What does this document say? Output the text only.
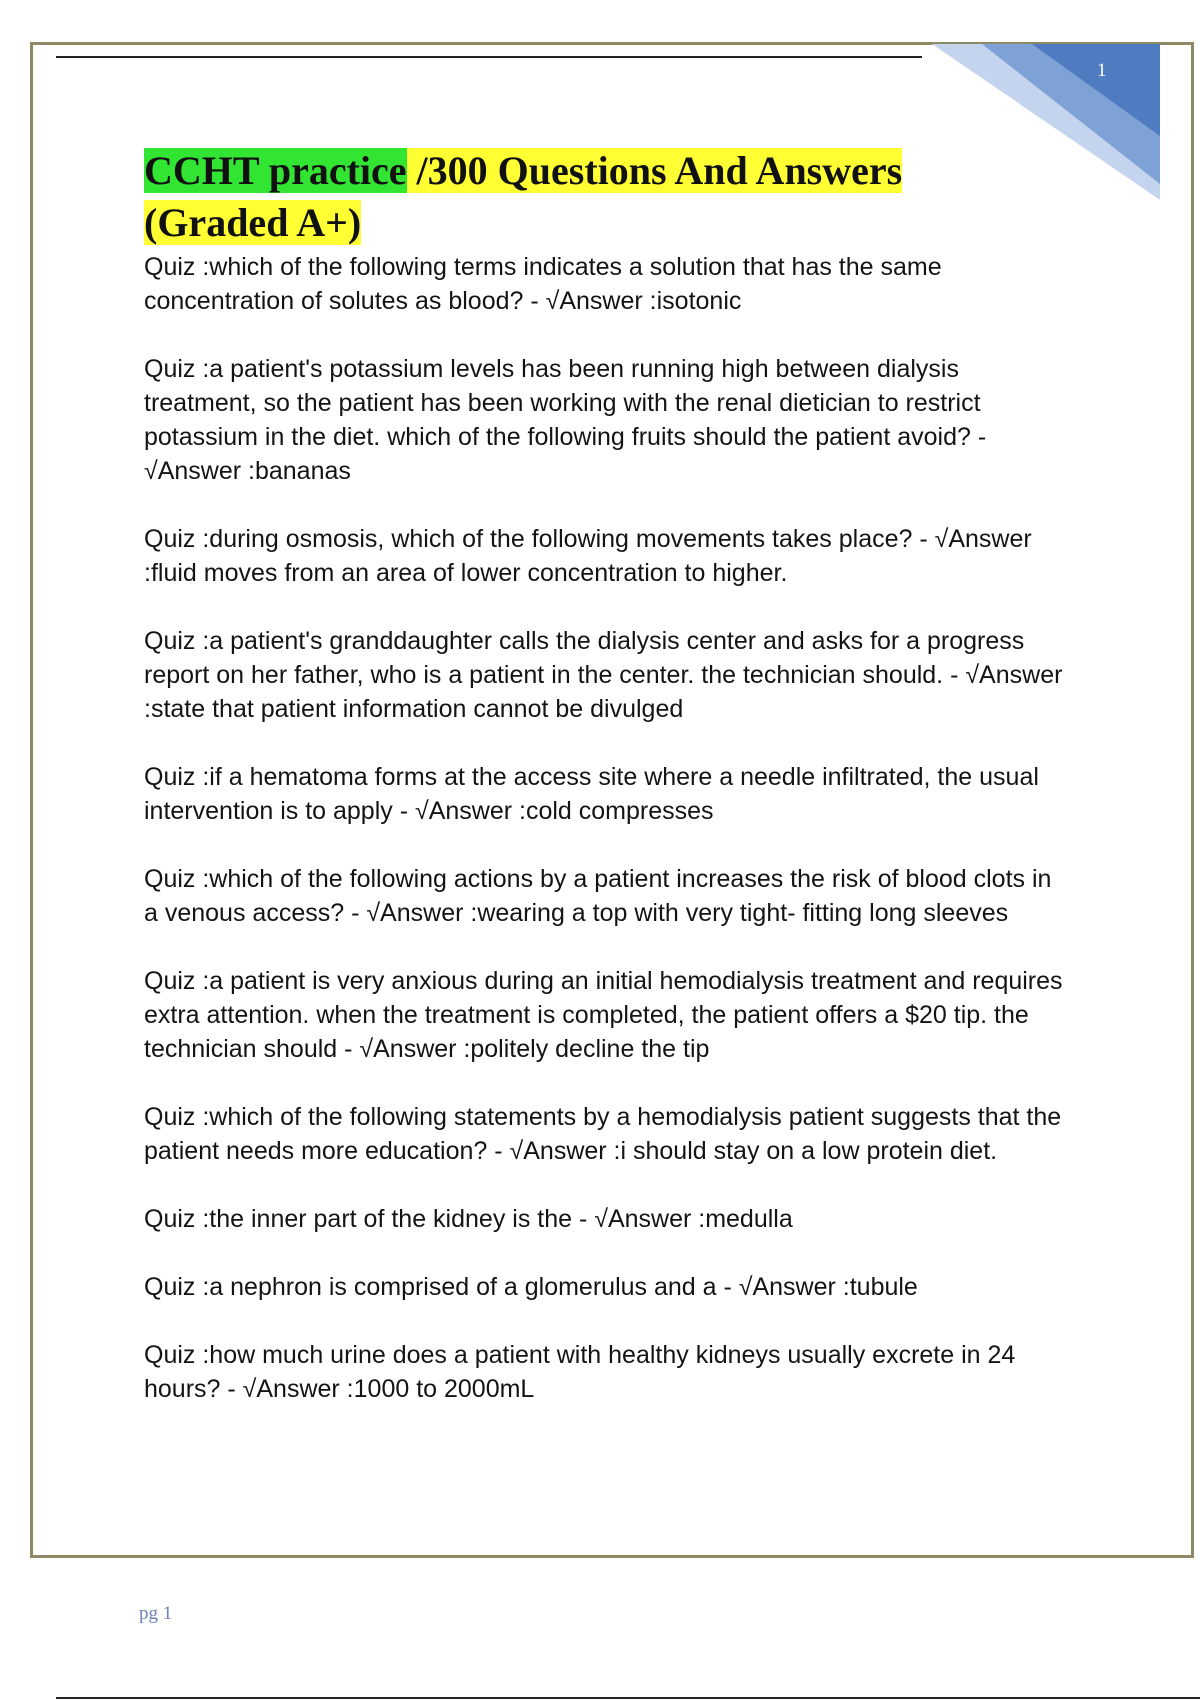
1
CCHT practice /300 Questions And Answers
(Graded A+)
Quiz :which of the following terms indicates a solution that has the same concentration of solutes as blood? - √Answer :isotonic
Quiz :a patient's potassium levels has been running high between dialysis treatment, so the patient has been working with the renal dietician to restrict potassium in the diet. which of the following fruits should the patient avoid? - √Answer :bananas
Quiz :during osmosis, which of the following movements takes place? - √Answer :fluid moves from an area of lower concentration to higher.
Quiz :a patient's granddaughter calls the dialysis center and asks for a progress report on her father, who is a patient in the center. the technician should. - √Answer :state that patient information cannot be divulged
Quiz :if a hematoma forms at the access site where a needle infiltrated, the usual intervention is to apply - √Answer :cold compresses
Quiz :which of the following actions by a patient increases the risk of blood clots in a venous access? - √Answer :wearing a top with very tight- fitting long sleeves
Quiz :a patient is very anxious during an initial hemodialysis treatment and requires extra attention. when the treatment is completed, the patient offers a $20 tip. the technician should - √Answer :politely decline the tip
Quiz :which of the following statements by a hemodialysis patient suggests that the patient needs more education? - √Answer :i should stay on a low protein diet.
Quiz :the inner part of the kidney is the - √Answer :medulla
Quiz :a nephron is comprised of a glomerulus and a - √Answer :tubule
Quiz :how much urine does a patient with healthy kidneys usually excrete in 24 hours? - √Answer :1000 to 2000mL
pg 1
